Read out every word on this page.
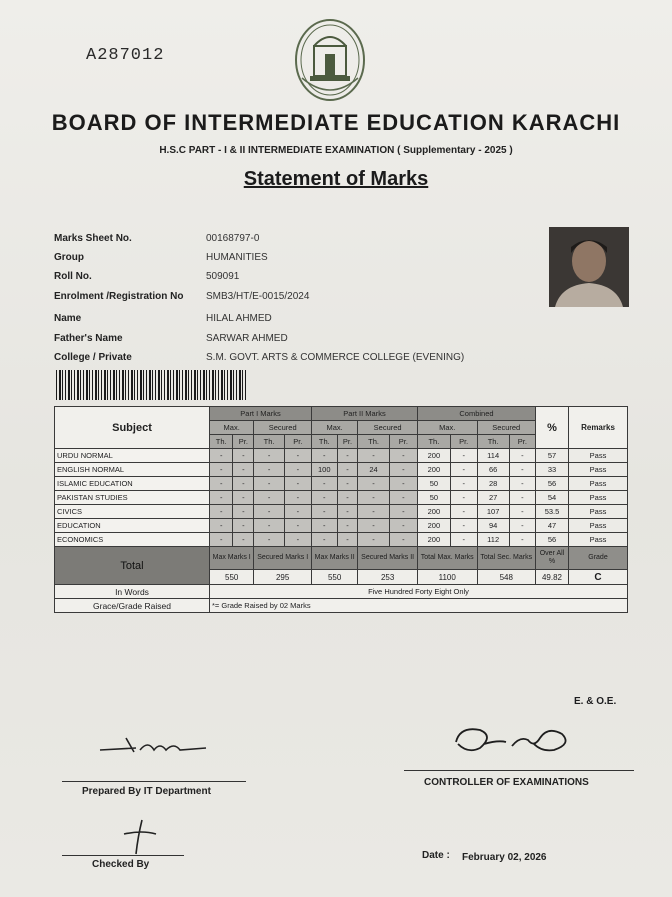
A287012
BOARD OF INTERMEDIATE EDUCATION KARACHI
H.S.C PART - I & II INTERMEDIATE EXAMINATION ( Supplementary - 2025 )
Statement of Marks
Marks Sheet No.	00168797-0
Group	HUMANITIES
Roll No.	509091
Enrolment /Registration No SMB3/HT/E-0015/2024
Name	HILAL AHMED
Father's Name	SARWAR AHMED
College / Private	S.M. GOVT. ARTS & COMMERCE COLLEGE (EVENING)
Subject	Part I Marks				Part II Marks				Combined				%	Remarks
	Max.		Secured		Max.		Secured		Max.		Secured			
	Th.	Pr.	Th.	Pr.	Th.	Pr.	Th.	Pr.	Th.	Pr.	Th.	Pr.		
URDU NORMAL	-	-	-	-	-	-	-	-	200	-	114	-	57	Pass
ENGLISH NORMAL	-	-	-	-	100	-	24	-	200	-	66	-	33	Pass
ISLAMIC EDUCATION	-	-	-	-	-	-	-	-	50	-	28	-	56	Pass
PAKISTAN STUDIES	-	-	-	-	-	-	-	-	50	-	27	-	54	Pass
CIVICS	-	-	-	-	-	-	-	-	200	-	107	-	53.5	Pass
EDUCATION	-	-	-	-	-	-	-	-	200	-	94	-	47	Pass
ECONOMICS	-	-	-	-	-	-	-	-	200	-	112	-	56	Pass
Total	Max Marks I		Secured Marks I		Max Marks II		Secured Marks II		Total Max. Marks		Total Sec. Marks		Over All %	Grade
	550		295		550		253		1100		548		49.82	C
In Words	Five Hundred Forty Eight Only													
Grace/Grade Raised	*= Grade Raised by 02 Marks													
E. & O.E.
Prepared By IT Department
Checked By
CONTROLLER OF EXAMINATIONS
Date : February 02, 2026
